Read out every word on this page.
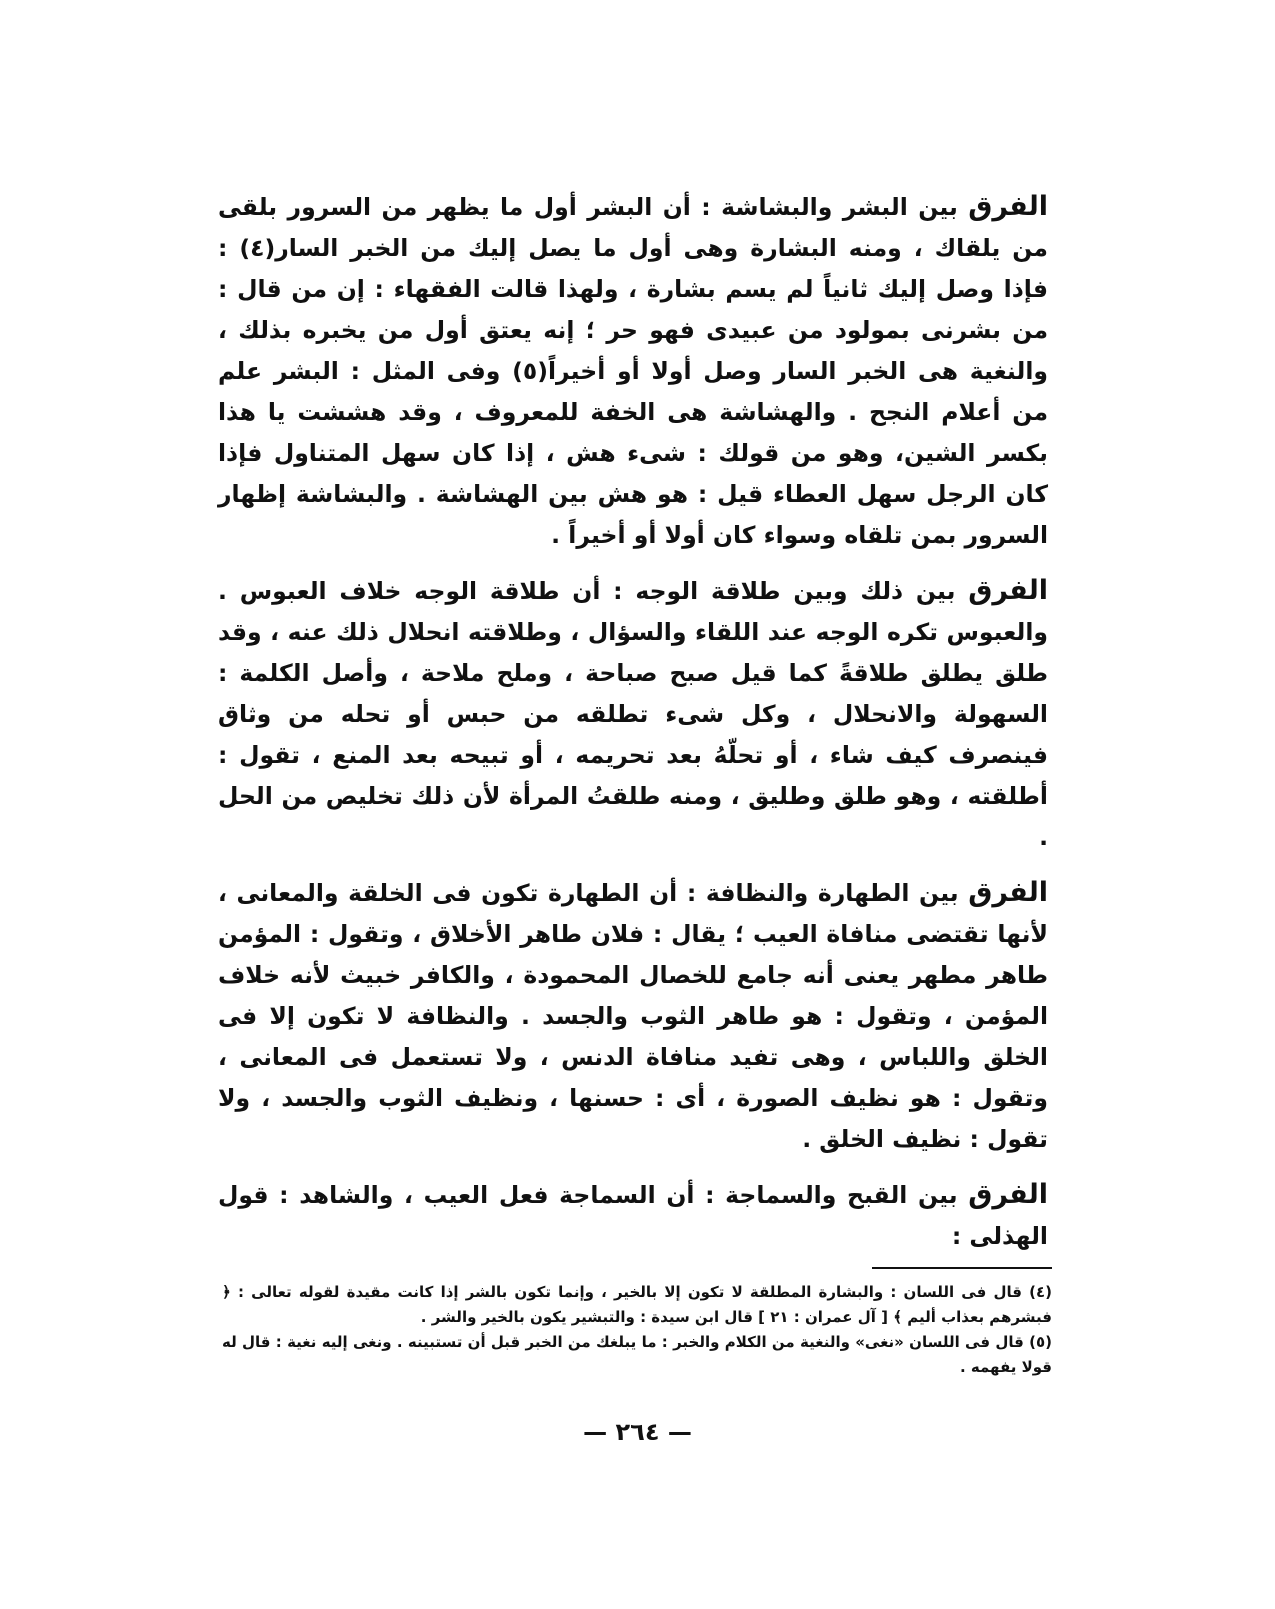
الفرق بين البشر والبشاشة : أن البشر أول ما يظهر من السرور بلقى من يلقاك ، ومنه البشارة وهى أول ما يصل إليك من الخبر السار(٤) : فإذا وصل إليك ثانياً لم يسم بشارة ، ولهذا قالت الفقهاء : إن من قال : من بشرنى بمولود من عبيدى فهو حر ؛ إنه يعتق أول من يخبره بذلك ، والنغية هى الخبر السار وصل أولا أو أخيراً(٥) وفى المثل : البشر علم من أعلام النجح . والهشاشة هى الخفة للمعروف ، وقد هششت يا هذا بكسر الشين، وهو من قولك : شىء هش ، إذا كان سهل المتناول فإذا كان الرجل سهل العطاء قيل : هو هش بين الهشاشة . والبشاشة إظهار السرور بمن تلقاه وسواء كان أولا أو أخيراً .

الفرق بين ذلك وبين طلاقة الوجه : أن طلاقة الوجه خلاف العبوس . والعبوس تكره الوجه عند اللقاء والسؤال ، وطلاقته انحلال ذلك عنه ، وقد طلق يطلق طلاقةً كما قيل صبح صباحة ، وملح ملاحة ، وأصل الكلمة : السهولة والانحلال ، وكل شىء تطلقه من حبس أو تحله من وثاق فينصرف كيف شاء ، أو تحلّهُ بعد تحريمه ، أو تبيحه بعد المنع ، تقول : أطلقته ، وهو طلق وطليق ، ومنه طلقتُ المرأة لأن ذلك تخليص من الحل .

الفرق بين الطهارة والنظافة : أن الطهارة تكون فى الخلقة والمعانى ، لأنها تقتضى منافاة العيب ؛ يقال : فلان طاهر الأخلاق ، وتقول : المؤمن طاهر مطهر يعنى أنه جامع للخصال المحمودة ، والكافر خبيث لأنه خلاف المؤمن ، وتقول : هو طاهر الثوب والجسد . والنظافة لا تكون إلا فى الخلق واللباس ، وهى تفيد منافاة الدنس ، ولا تستعمل فى المعانى ، وتقول : هو نظيف الصورة ، أى : حسنها ، ونظيف الثوب والجسد ، ولا تقول : نظيف الخلق .

الفرق بين القبح والسماجة : أن السماجة فعل العيب ، والشاهد : قول الهذلى :

(٤) قال فى اللسان : والبشارة المطلقة لا تكون إلا بالخير ، وإنما تكون بالشر إذا كانت مقيدة لقوله تعالى : ﴿ فبشرهم بعذاب أليم ﴾ [ آل عمران : ٢١ ] قال ابن سيدة : والتبشير يكون بالخير والشر .

(٥) قال فى اللسان «نغى» والنغية من الكلام والخبر : ما يبلغك من الخبر قبل أن تستبينه . ونغى إليه نغية : قال له قولا يفهمه .

— ٢٦٤ —
